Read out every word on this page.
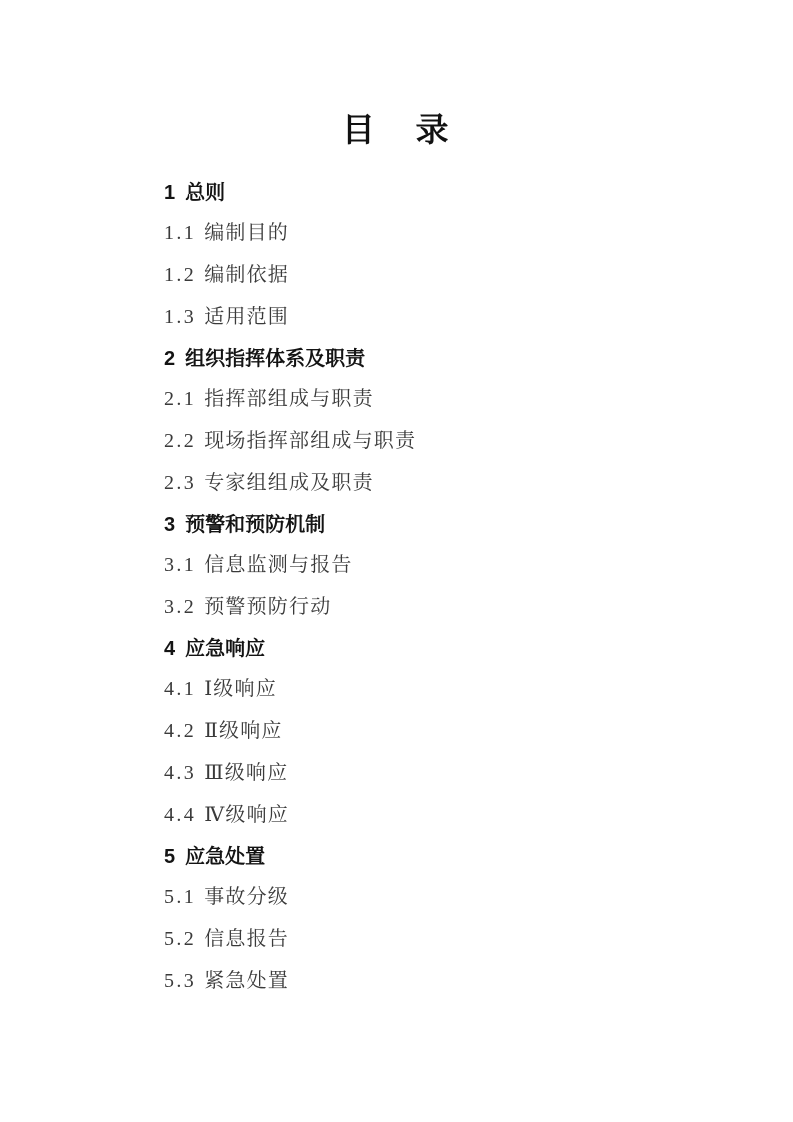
目 录
1 总则
1.1 编制目的
1.2 编制依据
1.3 适用范围
2 组织指挥体系及职责
2.1 指挥部组成与职责
2.2 现场指挥部组成与职责
2.3 专家组组成及职责
3 预警和预防机制
3.1 信息监测与报告
3.2 预警预防行动
4 应急响应
4.1 Ⅰ级响应
4.2 Ⅱ级响应
4.3 Ⅲ级响应
4.4 Ⅳ级响应
5 应急处置
5.1 事故分级
5.2 信息报告
5.3 紧急处置
